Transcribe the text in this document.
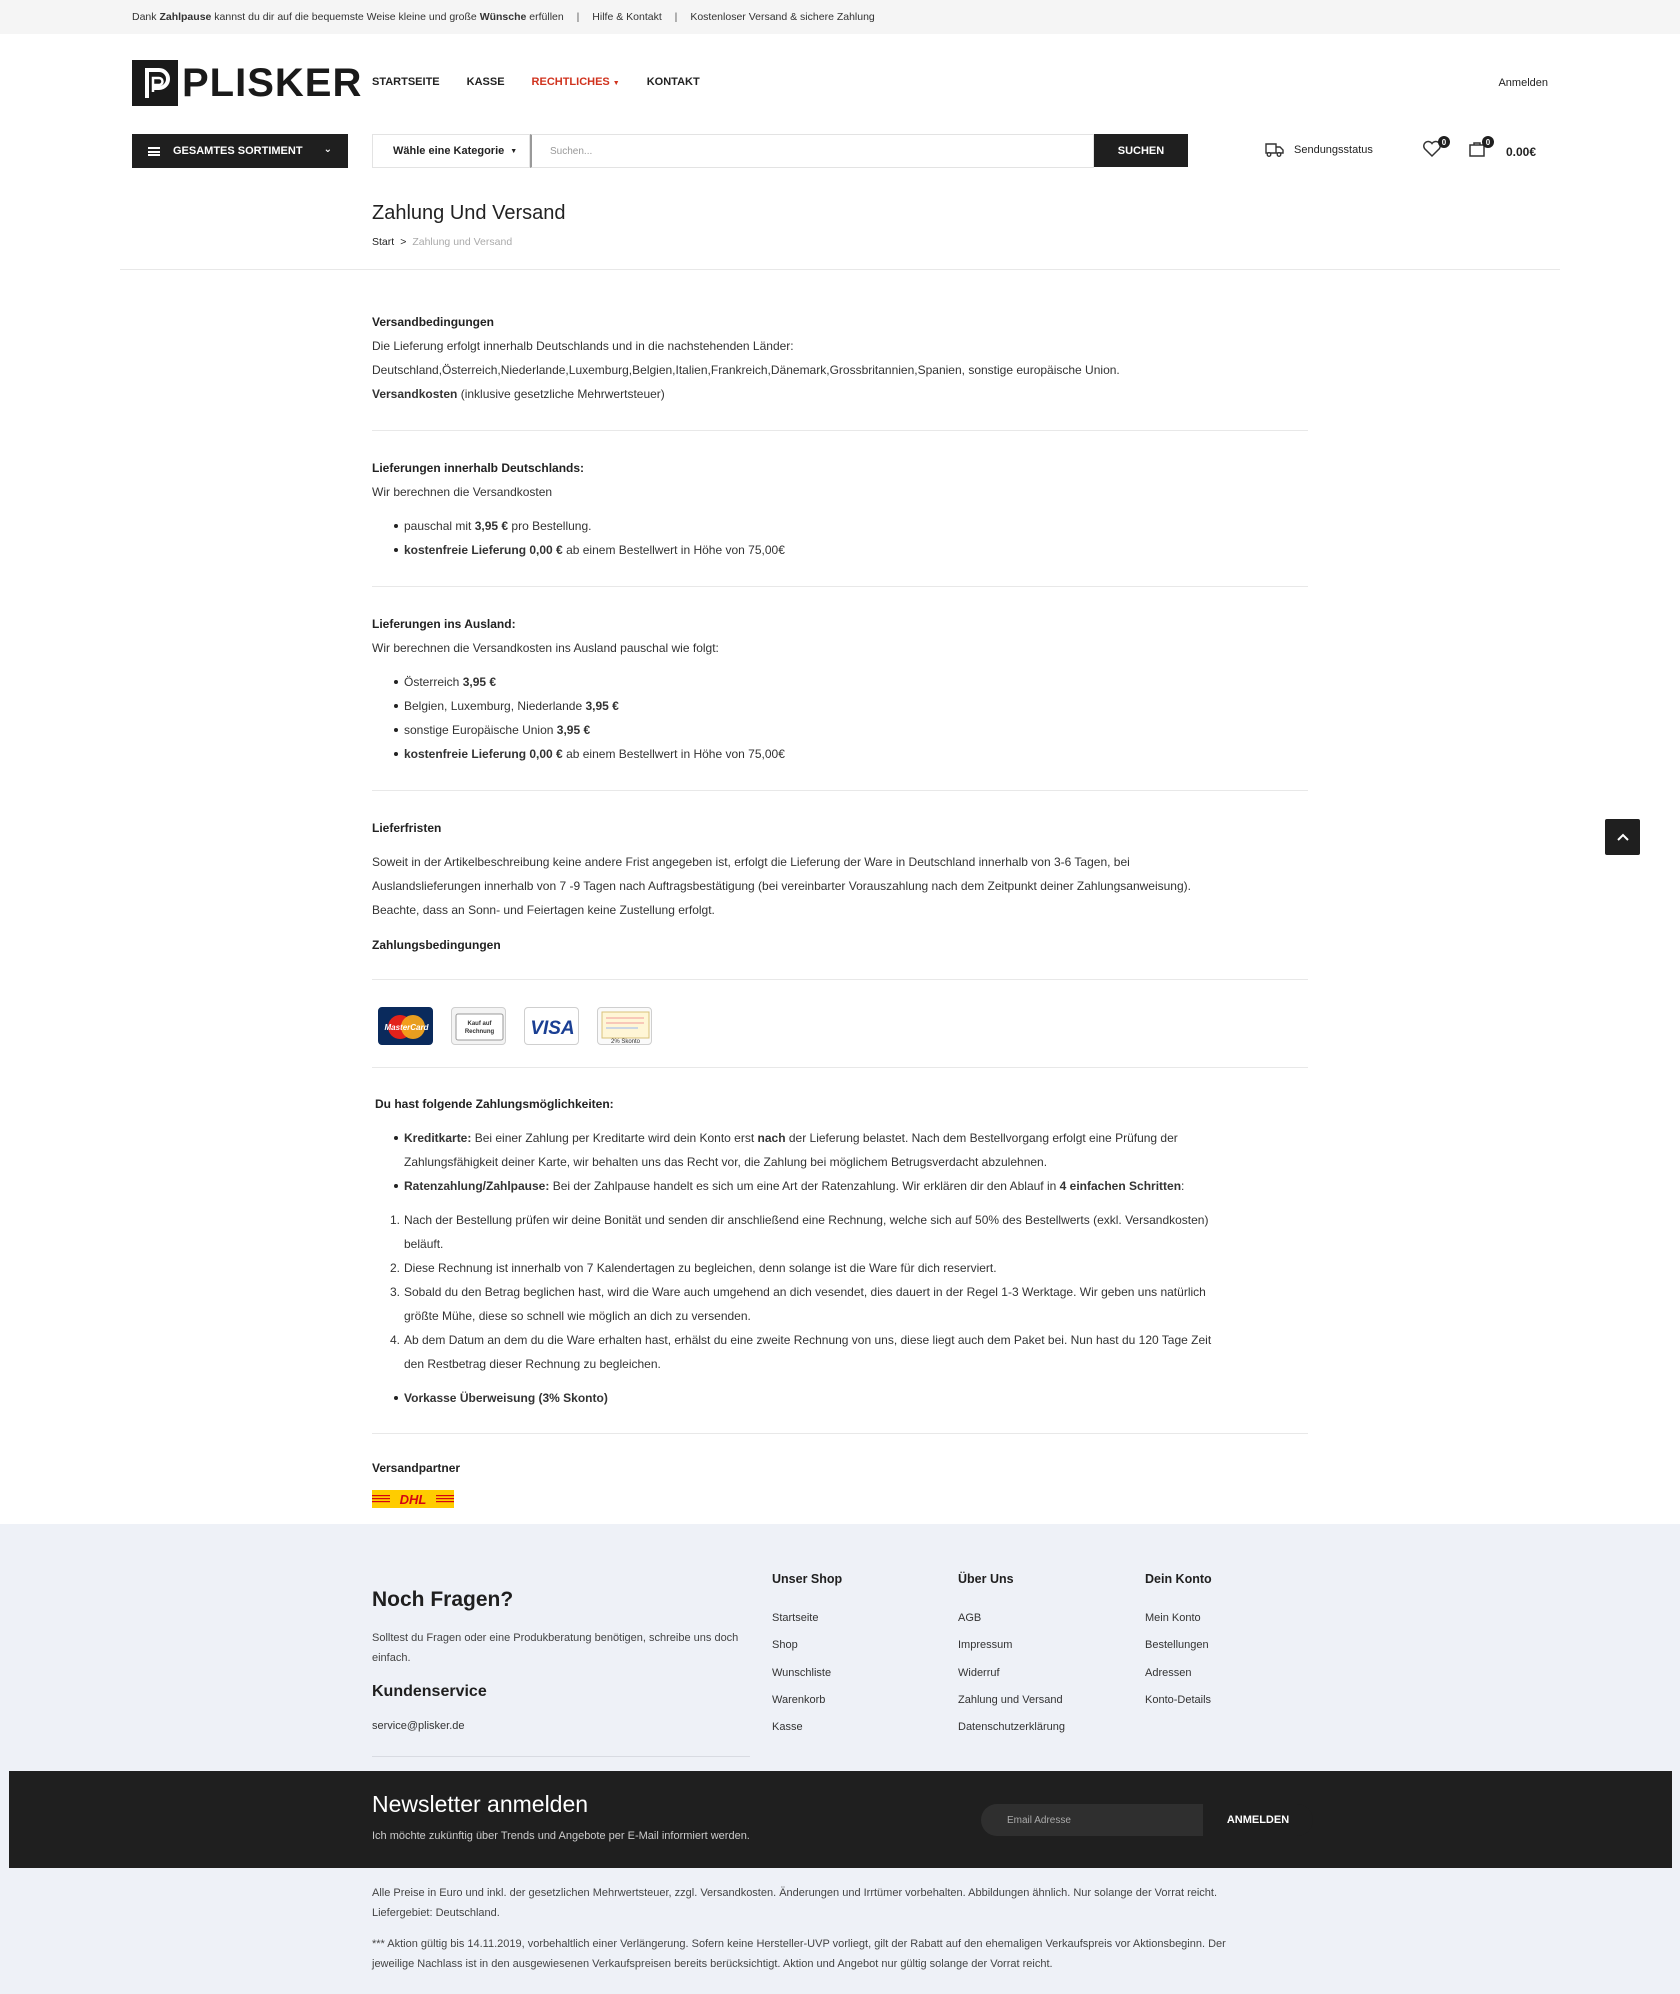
Dank Zahlpause kannst du dir auf die bequemste Weise kleine und große Wünsche erfüllen | Hilfe & Kontakt | Kostenloser Versand & sichere Zahlung
PLISKER STARTSEITE KASSE RECHTLICHES ▼ KONTAKT	Anmelden
GESAMTES SORTIMENT ⌄	Wähle eine Kategorie ▼	Suchen...	SUCHEN	Sendungsstatus
0	0
0.00€
Zahlung Und Versand
Start > Zahlung und Versand
Versandbedingungen
Die Lieferung erfolgt innerhalb Deutschlands und in die nachstehenden Länder:
Deutschland,Österreich,Niederlande,Luxemburg,Belgien,Italien,Frankreich,Dänemark,Grossbritannien,Spanien, sonstige europäische Union.
Versandkosten (inklusive gesetzliche Mehrwertsteuer)
Lieferungen innerhalb Deutschlands:
Wir berechnen die Versandkosten
pauschal mit 3,95 € pro Bestellung.
kostenfreie Lieferung 0,00 € ab einem Bestellwert in Höhe von 75,00€
Lieferungen ins Ausland:
Wir berechnen die Versandkosten ins Ausland pauschal wie folgt:
Österreich 3,95 €
Belgien, Luxemburg, Niederlande 3,95 €
sonstige Europäische Union 3,95 €
kostenfreie Lieferung 0,00 € ab einem Bestellwert in Höhe von 75,00€
Lieferfristen
Soweit in der Artikelbeschreibung keine andere Frist angegeben ist, erfolgt die Lieferung der Ware in Deutschland innerhalb von 3-6 Tagen, bei
Auslandslieferungen innerhalb von 7 -9 Tagen nach Auftragsbestätigung (bei vereinbarter Vorauszahlung nach dem Zeitpunkt deiner Zahlungsanweisung).
Beachte, dass an Sonn- und Feiertagen keine Zustellung erfolgt.
Zahlungsbedingungen
MasterCard	Kauf auf
Rechnung VISA
2% Skonto
Du hast folgende Zahlungsmöglichkeiten:
Kreditkarte: Bei einer Zahlung per Kreditarte wird dein Konto erst nach der Lieferung belastet. Nach dem Bestellvorgang erfolgt eine Prüfung der
Zahlungsfähigkeit deiner Karte, wir behalten uns das Recht vor, die Zahlung bei möglichem Betrugsverdacht abzulehnen.
Ratenzahlung/Zahlpause: Bei der Zahlpause handelt es sich um eine Art der Ratenzahlung. Wir erklären dir den Ablauf in 4 einfachen Schritten:
1. Nach der Bestellung prüfen wir deine Bonität und senden dir anschließend eine Rechnung, welche sich auf 50% des Bestellwerts (exkl. Versandkosten)
beläuft.
2. Diese Rechnung ist innerhalb von 7 Kalendertagen zu begleichen, denn solange ist die Ware für dich reserviert.
3. Sobald du den Betrag beglichen hast, wird die Ware auch umgehend an dich vesendet, dies dauert in der Regel 1-3 Werktage. Wir geben uns natürlich
größte Mühe, diese so schnell wie möglich an dich zu versenden.
4. Ab dem Datum an dem du die Ware erhalten hast, erhälst du eine zweite Rechnung von uns, diese liegt auch dem Paket bei. Nun hast du 120 Tage Zeit
den Restbetrag dieser Rechnung zu begleichen.
Vorkasse Überweisung (3% Skonto)
Versandpartner
DHL
Noch Fragen?
Solltest du Fragen oder eine Produkberatung benötigen, schreibe uns doch einfach.
Kundenservice
service@plisker.de
Unser Shop
Startseite
Shop
Wunschliste
Warenkorb
Kasse
Über Uns
AGB
Impressum
Widerruf
Zahlung und Versand
Datenschutzerklärung
Dein Konto
Mein Konto
Bestellungen
Adressen
Konto-Details
Newsletter anmelden
Ich möchte zukünftig über Trends und Angebote per E-Mail informiert werden.
Email Adresse	ANMELDEN
Alle Preise in Euro und inkl. der gesetzlichen Mehrwertsteuer, zzgl. Versandkosten. Änderungen und Irrtümer vorbehalten. Abbildungen ähnlich. Nur solange der Vorrat reicht.
Liefergebiet: Deutschland.
*** Aktion gültig bis 14.11.2019, vorbehaltlich einer Verlängerung. Sofern keine Hersteller-UVP vorliegt, gilt der Rabatt auf den ehemaligen Verkaufspreis vor Aktionsbeginn. Der
jeweilige Nachlass ist in den ausgewiesenen Verkaufspreisen bereits berücksichtigt. Aktion und Angebot nur gültig solange der Vorrat reicht.
